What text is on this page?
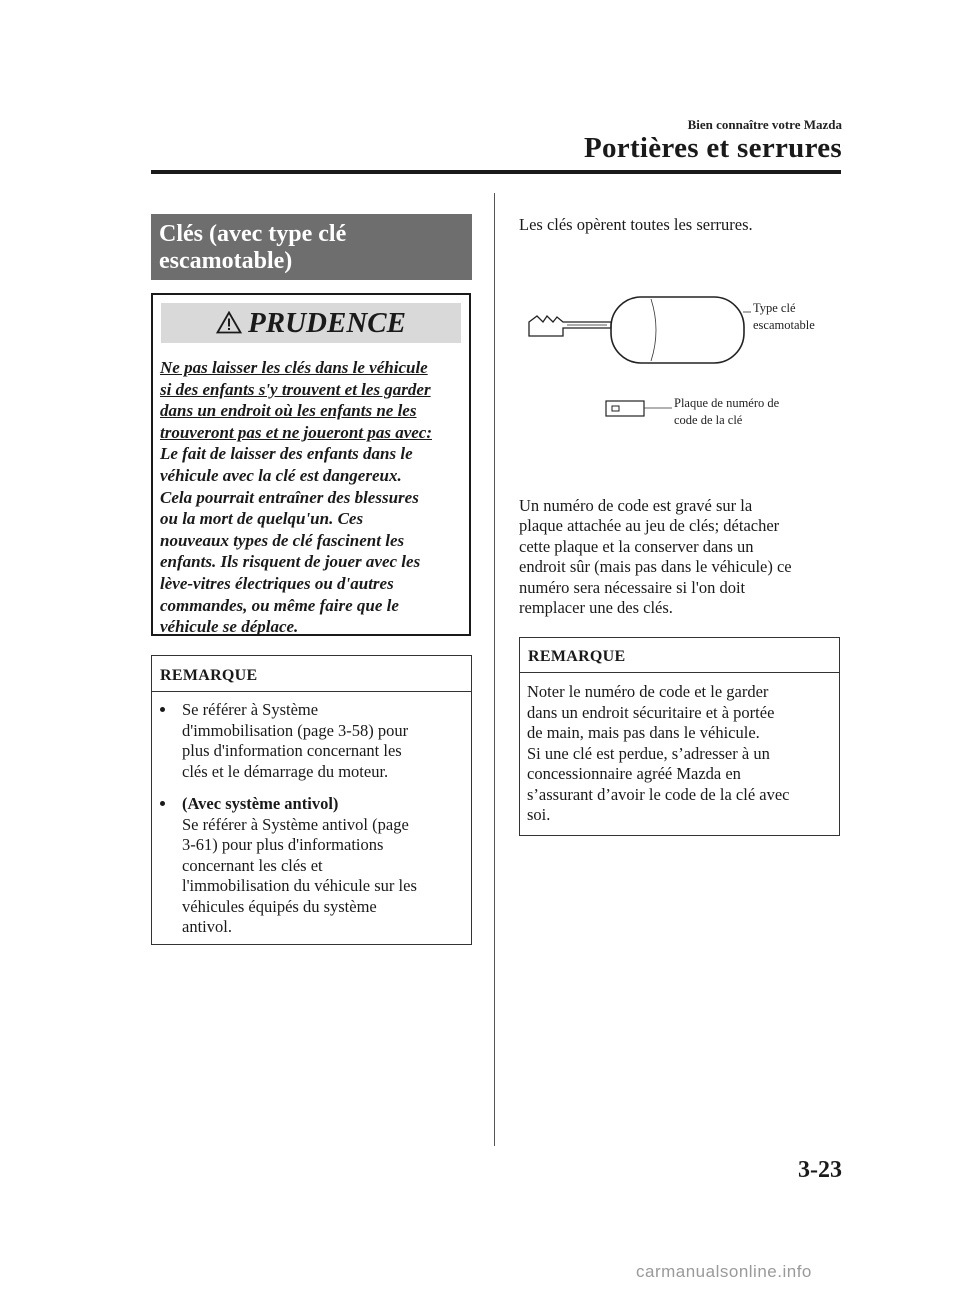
Bien connaître votre Mazda
Portières et serrures
Clés (avec type clé
escamotable)
PRUDENCE
Ne pas laisser les clés dans le véhicule
si des enfants s'y trouvent et les garder
dans un endroit où les enfants ne les
trouveront pas et ne joueront pas avec:
Le fait de laisser des enfants dans le
véhicule avec la clé est dangereux.
Cela pourrait entraîner des blessures
ou la mort de quelqu'un. Ces
nouveaux types de clé fascinent les
enfants. Ils risquent de jouer avec les
lève-vitres électriques ou d'autres
commandes, ou même faire que le
véhicule se déplace.
REMARQUE
Se référer à Système
d'immobilisation (page 3-58) pour
plus d'information concernant les
clés et le démarrage du moteur.
(Avec système antivol)
Se référer à Système antivol (page
3-61) pour plus d'informations
concernant les clés et
l'immobilisation du véhicule sur les
véhicules équipés du système
antivol.
Les clés opèrent toutes les serrures.
Type clé
escamotable
Plaque de numéro de
code de la clé
Un numéro de code est gravé sur la
plaque attachée au jeu de clés; détacher
cette plaque et la conserver dans un
endroit sûr (mais pas dans le véhicule) ce
numéro sera nécessaire si l'on doit
remplacer une des clés.
REMARQUE
Noter le numéro de code et le garder
dans un endroit sécuritaire et à portée
de main, mais pas dans le véhicule.
Si une clé est perdue, s’adresser à un
concessionnaire agréé Mazda en
s’assurant d’avoir le code de la clé avec
soi.
3-23
carmanualsonline.info
